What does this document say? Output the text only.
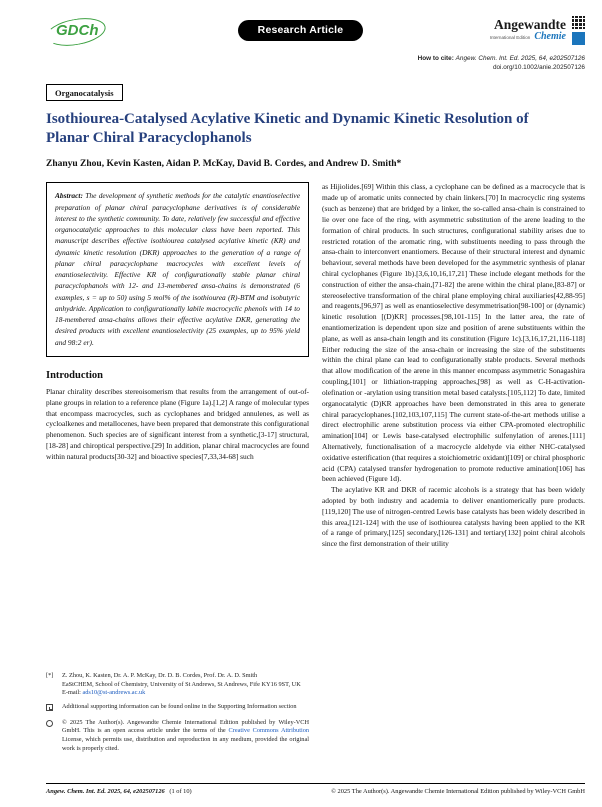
GDCh	Research Article	Angewandte
International Edition Chemie
How to cite: Angew. Chem. Int. Ed. 2025, 64, e202507126
doi.org/10.1002/anie.202507126
Organocatalysis
Isothiourea-Catalysed Acylative Kinetic and Dynamic Kinetic Resolution of Planar Chiral Paracyclophanols
Zhanyu Zhou, Kevin Kasten, Aidan P. McKay, David B. Cordes, and Andrew D. Smith*
Abstract: The development of synthetic methods for the catalytic enantioselective preparation of planar chiral paracyclophane derivatives is of considerable interest to the synthetic community. To date, relatively few successful and effective organocatalytic approaches to this molecular class have been reported. This manuscript describes effective isothiourea catalysed acylative kinetic (KR) and dynamic kinetic resolution (DKR) approaches to the generation of a range of planar chiral paracyclophane macrocycles with excellent levels of enantioselectivity. Effective KR of configurationally stable planar chiral paracyclophanols with 12- and 13-membered ansa-chains is demonstrated (6 examples, s = up to 50) using 5 mol% of the isothiourea (R)-BTM and isobutyric anhydride. Application to configurationally labile macrocyclic phenols with 14 to 18-membered ansa-chains allows their effective acylative DKR, generating the desired products with excellent enantioselectivity (25 examples, up to 95% yield and 98:2 er).
Introduction

Planar chirality describes stereoisomerism that results from the arrangement of out-of-plane groups in relation to a reference plane (Figure 1a).[1,2] A range of molecular types that encompass macrocycles, such as cyclophanes and bridged annulenes, as well as cycloalkenes and metallocenes, have been prepared that demonstrate this configurational phenomenon. Such species are of significant interest from a synthetic,[3-17] structural,[18-28] and chiroptical perspective.[29] In addition, planar chiral macrocycles are found within natural products[30-32] and bioactive species[7,33,34-68] such

[*]	Z. Zhou, K. Kasten, Dr. A. P. McKay, Dr. D. B. Cordes, Prof. Dr. A. D. Smith
EaStCHEM, School of Chemistry, University of St Andrews, St Andrews, Fife KY16 9ST, UK
E-mail: ads10@st-andrews.ac.uk
Additional supporting information can be found online in the Supporting Information section
© 2025 The Author(s). Angewandte Chemie International Edition published by Wiley-VCH GmbH. This is an open access article under the terms of the Creative Commons Attribution License, which permits use, distribution and reproduction in any medium, provided the original work is properly cited.

as Hijiolides.[69] Within this class, a cyclophane can be defined as a macrocycle that is made up of aromatic units connected by chain linkers.[70] In macrocyclic ring systems (such as benzene) that are bridged by a linker, the so-called ansa-chain is constrained to lie over one face of the ring, with asymmetric substitution of the arene leading to the formation of chiral products. In such structures, configurational stability arises due to restricted rotation of the aromatic ring, with substituents needing to pass through the ansa-chain to interconvert enantiomers. Because of their structural interest and dynamic behaviour, several methods have been developed for the asymmetric synthesis of planar chiral cyclophanes (Figure 1b).[3,6,10,16,17,21] These include elegant methods for the construction of either the ansa-chain,[71-82] the arene within the chiral plane,[83-87] or stereoselective transformation of the chiral plane employing chiral auxiliaries[42,88-95] and reagents,[96,97] as well as enantioselective desymmetrisation[98-100] or (dynamic) kinetic resolution [(D)KR] processes.[98,101-115] In the latter area, the rate of enantiomerization is dependent upon size and position of arene substituents within the plane, as well as ansa-chain length and its constitution (Figure 1c).[3,16,17,21,116-118] Either reducing the size of the ansa-chain or increasing the size of the substituents within the chiral plane can lead to configurationally stable products. Several methods that allow modification of the arene in this manner encompass asymmetric Sonagashira coupling,[101] or lithiation-trapping approaches,[98] as well as C-H-activation-olefination or -arylation using transition metal based catalysts.[105,112] To date, limited organocatalytic (D)KR approaches have been demonstrated in this area to generate chiral paracyclophanes.[102,103,107,115] The current state-of-the-art methods utilise a direct electrophilic arene substitution process via either CPA-promoted electrophilic amination[104] or Lewis base-catalysed electrophilic sulfenylation of arenes.[111] Alternatively, functionalisation of a macrocycle aldehyde via either NHC-catalysed oxidative esterification (that requires a stoichiometric oxidant)[109] or chiral phosphoric acid (CPA) catalysed transfer hydrogenation to promote reductive amination[106] has been achieved (Figure 1d).

The acylative KR and DKR of racemic alcohols is a strategy that has been widely adopted by both industry and academia to deliver enantiomerically pure products.[119,120] The use of nitrogen-centred Lewis base catalysts has been widely described in this area,[121-124] with the use of isothiourea catalysts having been applied to the KR of a range of primary,[125] secondary,[126-131] and tertiary[132] point chiral alcohols since the first demonstration of their utility

Angew. Chem. Int. Ed. 2025, 64, e202507126 (1 of 10)	© 2025 The Author(s). Angewandte Chemie International Edition published by Wiley-VCH GmbH
